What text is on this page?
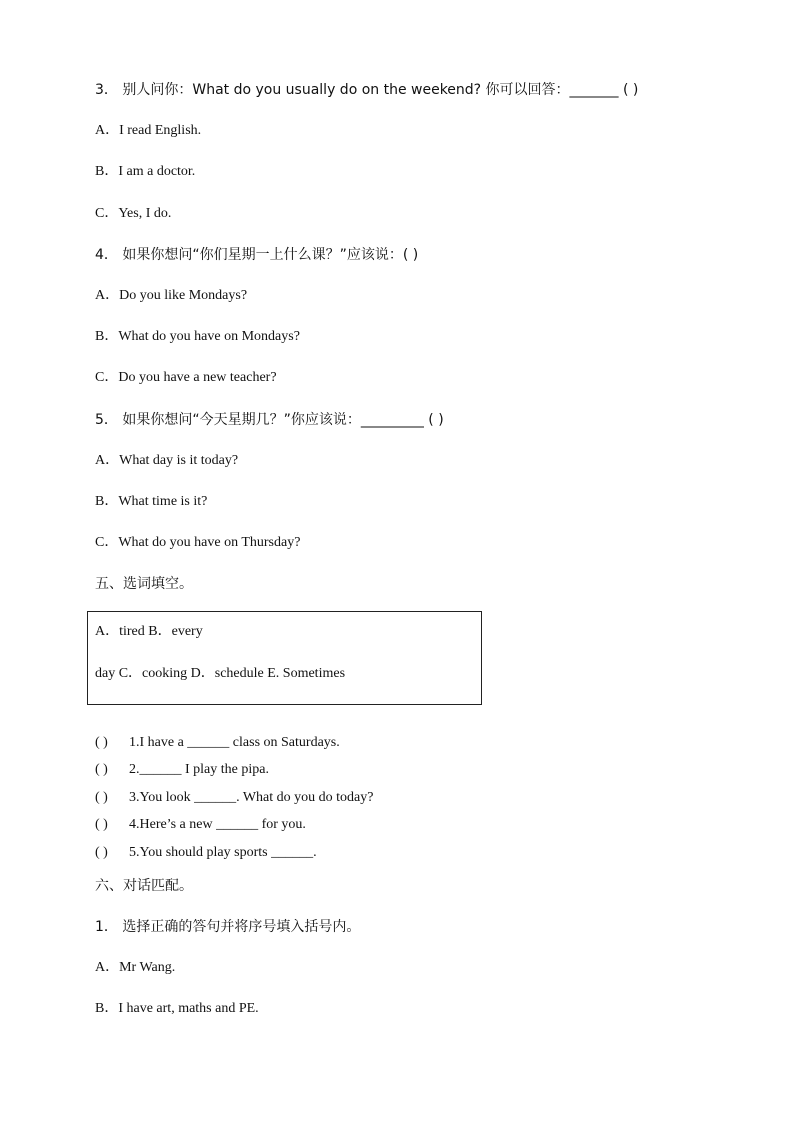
3． 别人问你：What do you usually do on the weekend? 你可以回答：_______ ( )
A．I read English.
B．I am a doctor.
C．Yes, I do.
4． 如果你想问“你们星期一上什么课？”应该说：( )
A．Do you like Mondays?
B．What do you have on Mondays?
C．Do you have a new teacher?
5． 如果你想问“今天星期几？”你应该说：_________ ( )
A．What day is it today?
B．What time is it?
C．What do you have on Thursday?
五、选词填空。
A．tired B．every
day C．cooking D．schedule E. Sometimes
( ) 1.I have a ______ class on Saturdays.
( ) 2.______ I play the pipa.
( ) 3.You look ______. What do you do today?
( ) 4.Here’s a new ______ for you.
( ) 5.You should play sports ______.
六、对话匹配。
1． 选择正确的答句并将序号填入括号内。
A．Mr Wang.
B．I have art, maths and PE.
